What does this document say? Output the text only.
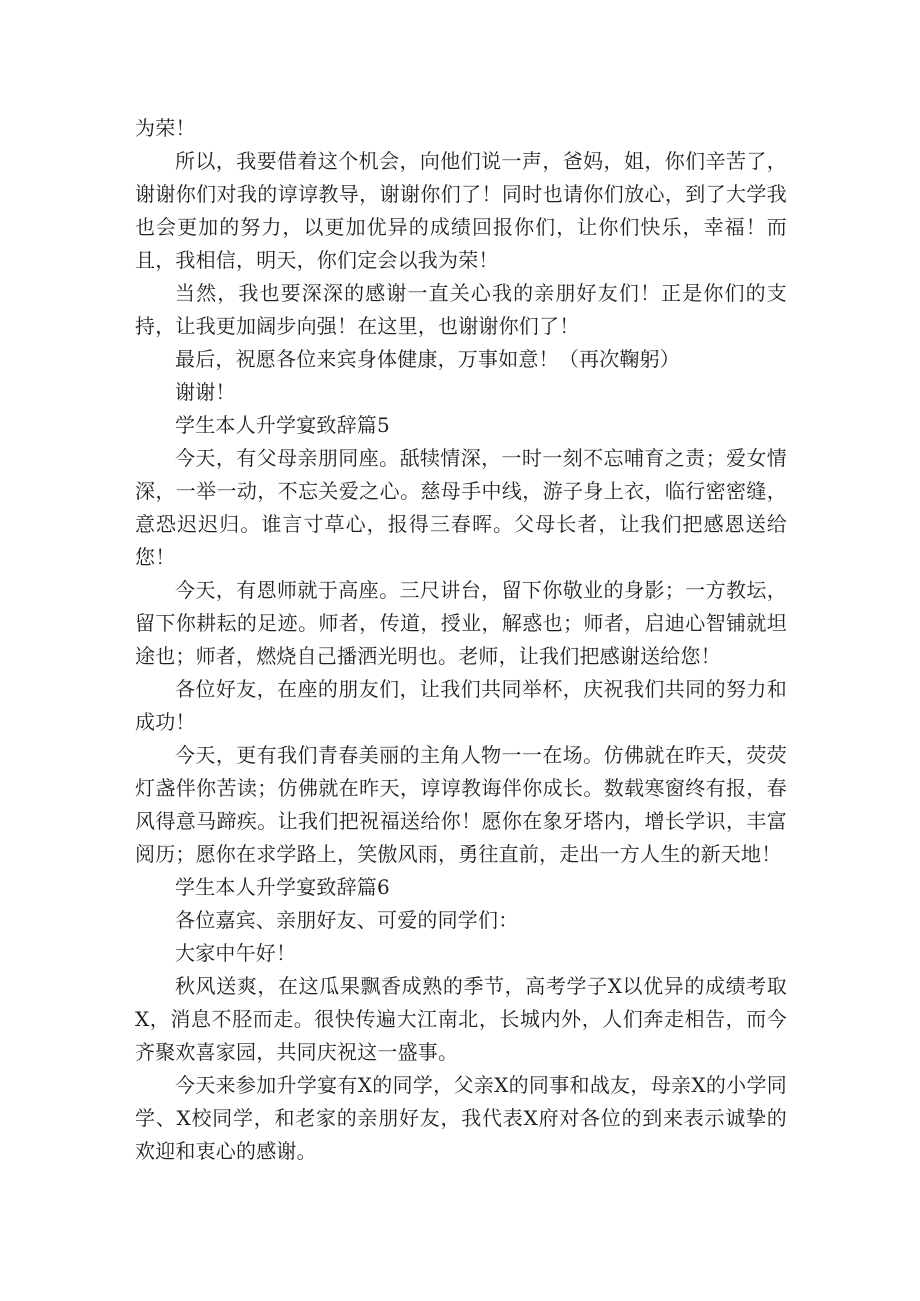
为荣！

所以，我要借着这个机会，向他们说一声，爸妈，姐，你们辛苦了，谢谢你们对我的谆谆教导，谢谢你们了！同时也请你们放心，到了大学我也会更加的努力，以更加优异的成绩回报你们，让你们快乐，幸福！而且，我相信，明天，你们定会以我为荣！

当然，我也要深深的感谢一直关心我的亲朋好友们！正是你们的支持，让我更加阔步向强！在这里，也谢谢你们了！

最后，祝愿各位来宾身体健康，万事如意！（再次鞠躬）

谢谢！

学生本人升学宴致辞篇5

今天，有父母亲朋同座。舐犊情深，一时一刻不忘哺育之责；爱女情深，一举一动，不忘关爱之心。慈母手中线，游子身上衣，临行密密缝，意恐迟迟归。谁言寸草心，报得三春晖。父母长者，让我们把感恩送给您！

今天，有恩师就于高座。三尺讲台，留下你敬业的身影；一方教坛，留下你耕耘的足迹。师者，传道，授业，解惑也；师者，启迪心智铺就坦途也；师者，燃烧自己播洒光明也。老师，让我们把感谢送给您！

各位好友，在座的朋友们，让我们共同举杯，庆祝我们共同的努力和成功！

今天，更有我们青春美丽的主角人物一一在场。仿佛就在昨天，荧荧灯盏伴你苦读；仿佛就在昨天，谆谆教诲伴你成长。数载寒窗终有报，春风得意马蹄疾。让我们把祝福送给你！愿你在象牙塔内，增长学识，丰富阅历；愿你在求学路上，笑傲风雨，勇往直前，走出一方人生的新天地！

学生本人升学宴致辞篇6

各位嘉宾、亲朋好友、可爱的同学们：

大家中午好！

秋风送爽，在这瓜果飘香成熟的季节，高考学子X以优异的成绩考取X，消息不胫而走。很快传遍大江南北，长城内外，人们奔走相告，而今齐聚欢喜家园，共同庆祝这一盛事。

今天来参加升学宴有X的同学，父亲X的同事和战友，母亲X的小学同学、X校同学，和老家的亲朋好友，我代表X府对各位的到来表示诚挚的欢迎和衷心的感谢。
